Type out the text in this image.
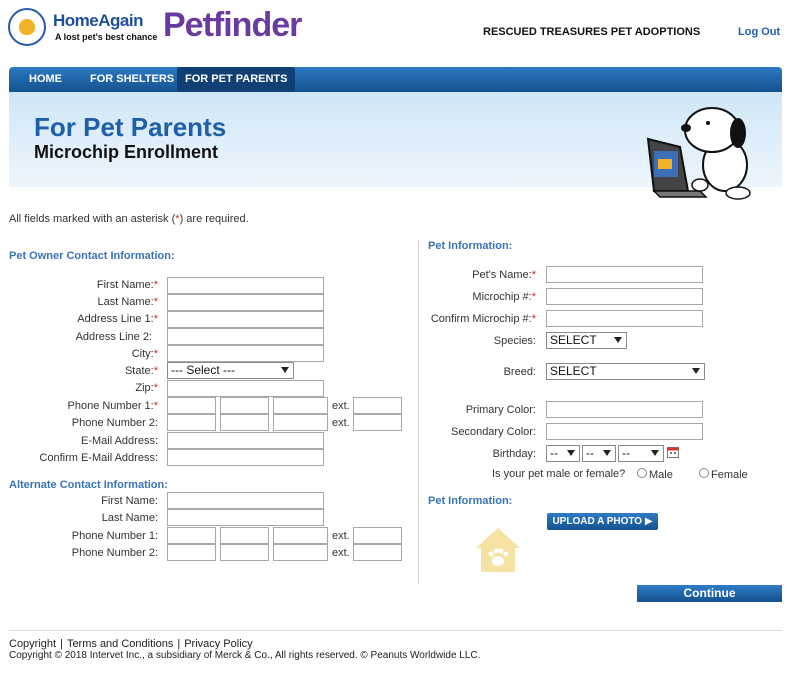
HomeAgain
A lost pet's best chance Petfinder	RESCUED TREASURES PET ADOPTIONS	Log Out
HOME	FOR SHELTERS FOR PET PARENTS
For Pet Parents
Microchip Enrollment
All fields marked with an asterisk (*) are required.
Pet Owner Contact Information:
First Name:*
Last Name:*
Address Line 1:*
Address Line 2:
City:*
State:*	--- Select ---
Zip:*
Phone Number 1:*	ext.
Phone Number 2:	ext.
E-Mail Address:
Confirm E-Mail Address:
Alternate Contact Information:
First Name:
Last Name:
Phone Number 1:	ext.
Phone Number 2:	ext.
Pet Information:
Pet's Name:*
Microchip #:*
Confirm Microchip #:*
Species:	SELECT
Breed:	SELECT
Primary Color:
Secondary Color:
Birthday:	--	--	--
Is your pet male or female? Male	Female
Pet Information:
UPLOAD A PHOTO ▶
Continue
Copyright | Terms and Conditions | Privacy Policy
Copyright © 2018 Intervet Inc., a subsidiary of Merck & Co., All rights reserved. © Peanuts Worldwide LLC.
